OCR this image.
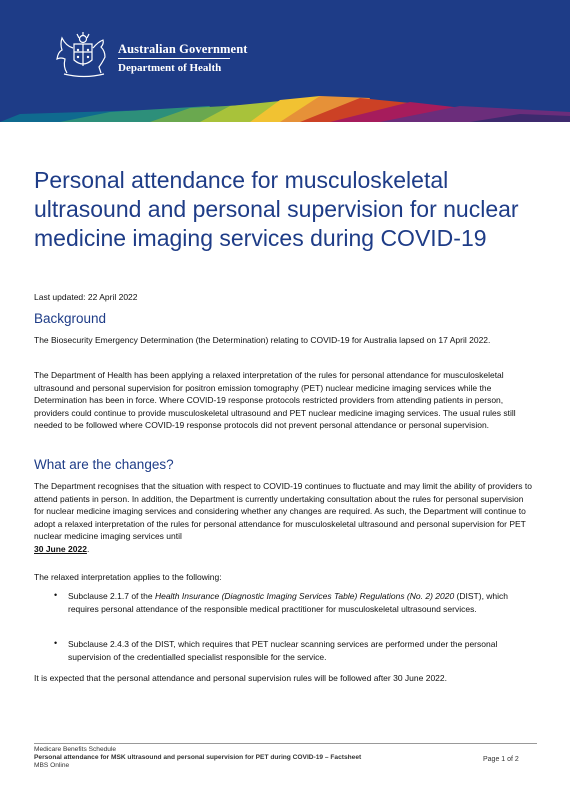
Australian Government
Department of Health
Personal attendance for musculoskeletal ultrasound and personal supervision for nuclear medicine imaging services during COVID-19
Last updated: 22 April 2022
Background

The Biosecurity Emergency Determination (the Determination) relating to COVID-19 for Australia lapsed on 17 April 2022.

The Department of Health has been applying a relaxed interpretation of the rules for personal attendance for musculoskeletal ultrasound and personal supervision for positron emission tomography (PET) nuclear medicine imaging services while the Determination has been in force. Where COVID-19 response protocols restricted providers from attending patients in person, providers could continue to provide musculoskeletal ultrasound and PET nuclear medicine imaging services. The usual rules still needed to be followed where COVID-19 response protocols did not prevent personal attendance or personal supervision.

What are the changes?

The Department recognises that the situation with respect to COVID-19 continues to fluctuate and may limit the ability of providers to attend patients in person. In addition, the Department is currently undertaking consultation about the rules for personal supervision for nuclear medicine imaging services and considering whether any changes are required. As such, the Department will continue to adopt a relaxed interpretation of the rules for personal attendance for musculoskeletal ultrasound and personal supervision for PET nuclear medicine imaging services until
30 June 2022.

The relaxed interpretation applies to the following:

• Subclause 2.1.7 of the Health Insurance (Diagnostic Imaging Services Table) Regulations (No. 2) 2020 (DIST), which requires personal attendance of the responsible medical practitioner for musculoskeletal ultrasound services.

• Subclause 2.4.3 of the DIST, which requires that PET nuclear scanning services are performed under the personal supervision of the credentialled specialist responsible for the service.

It is expected that the personal attendance and personal supervision rules will be followed after 30 June 2022.

Medicare Benefits Schedule
Personal attendance for MSK ultrasound and personal supervision for PET during COVID-19 – Factsheet
MBS Online
Page 1 of 2
